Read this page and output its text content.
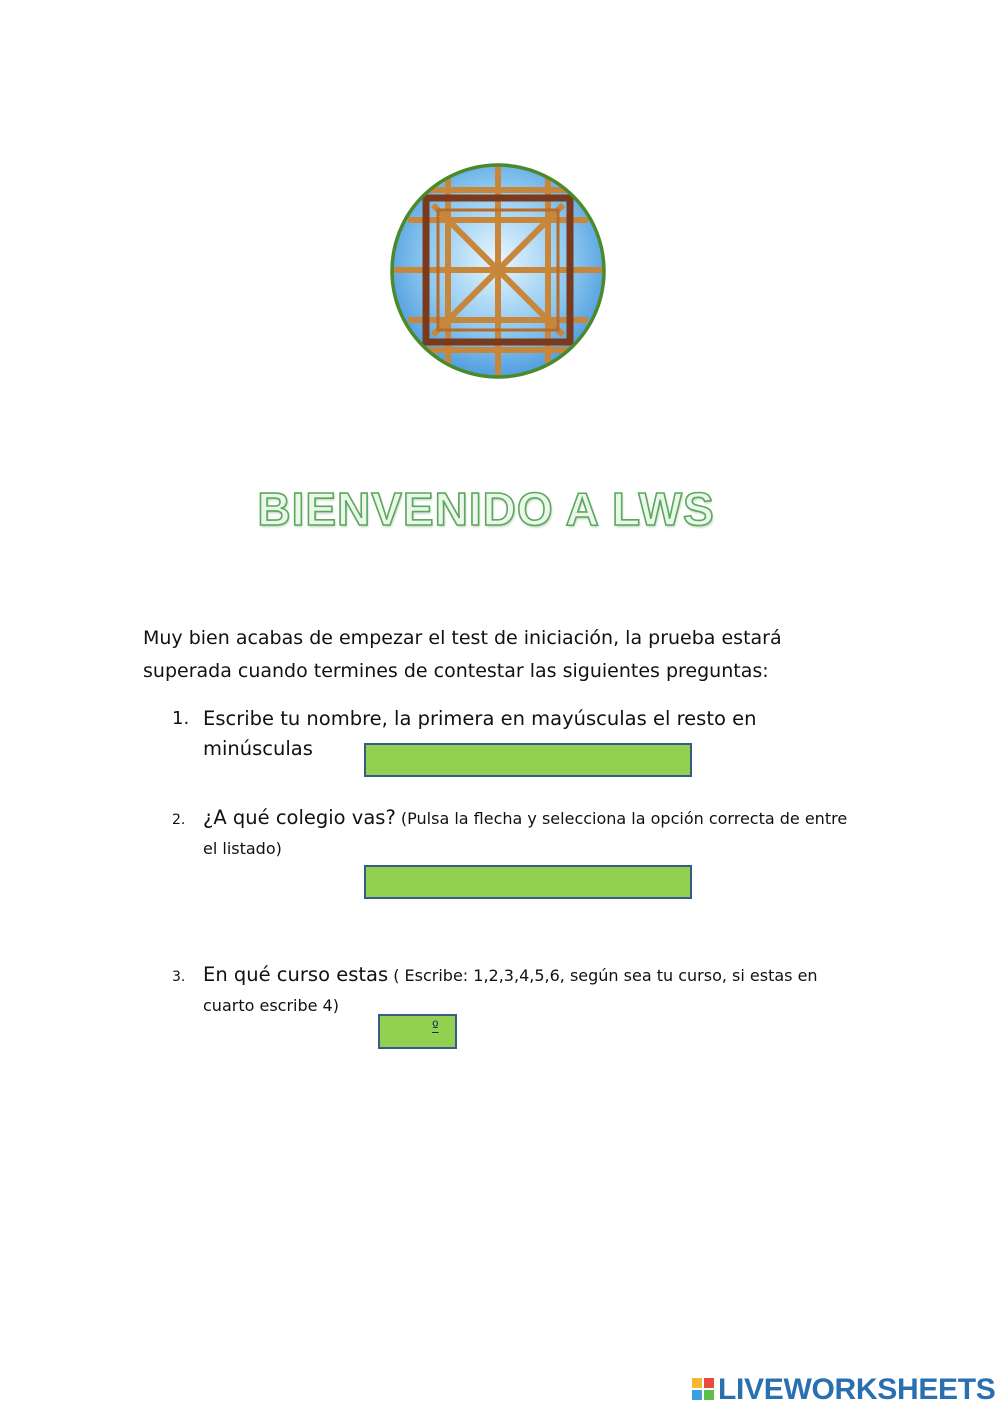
BIENVENIDO A LWS
Muy bien acabas de empezar el test de iniciación, la prueba estará superada cuando termines de contestar las siguientes preguntas:
1. Escribe tu nombre, la primera en mayúsculas el resto en minúsculas
2. ¿A qué colegio vas? (Pulsa la flecha y selecciona la opción correcta de entre el listado)
3. En qué curso estas ( Escribe: 1,2,3,4,5,6, según sea tu curso, si estas en cuarto escribe 4)
º
LIVEWORKSHEETS
